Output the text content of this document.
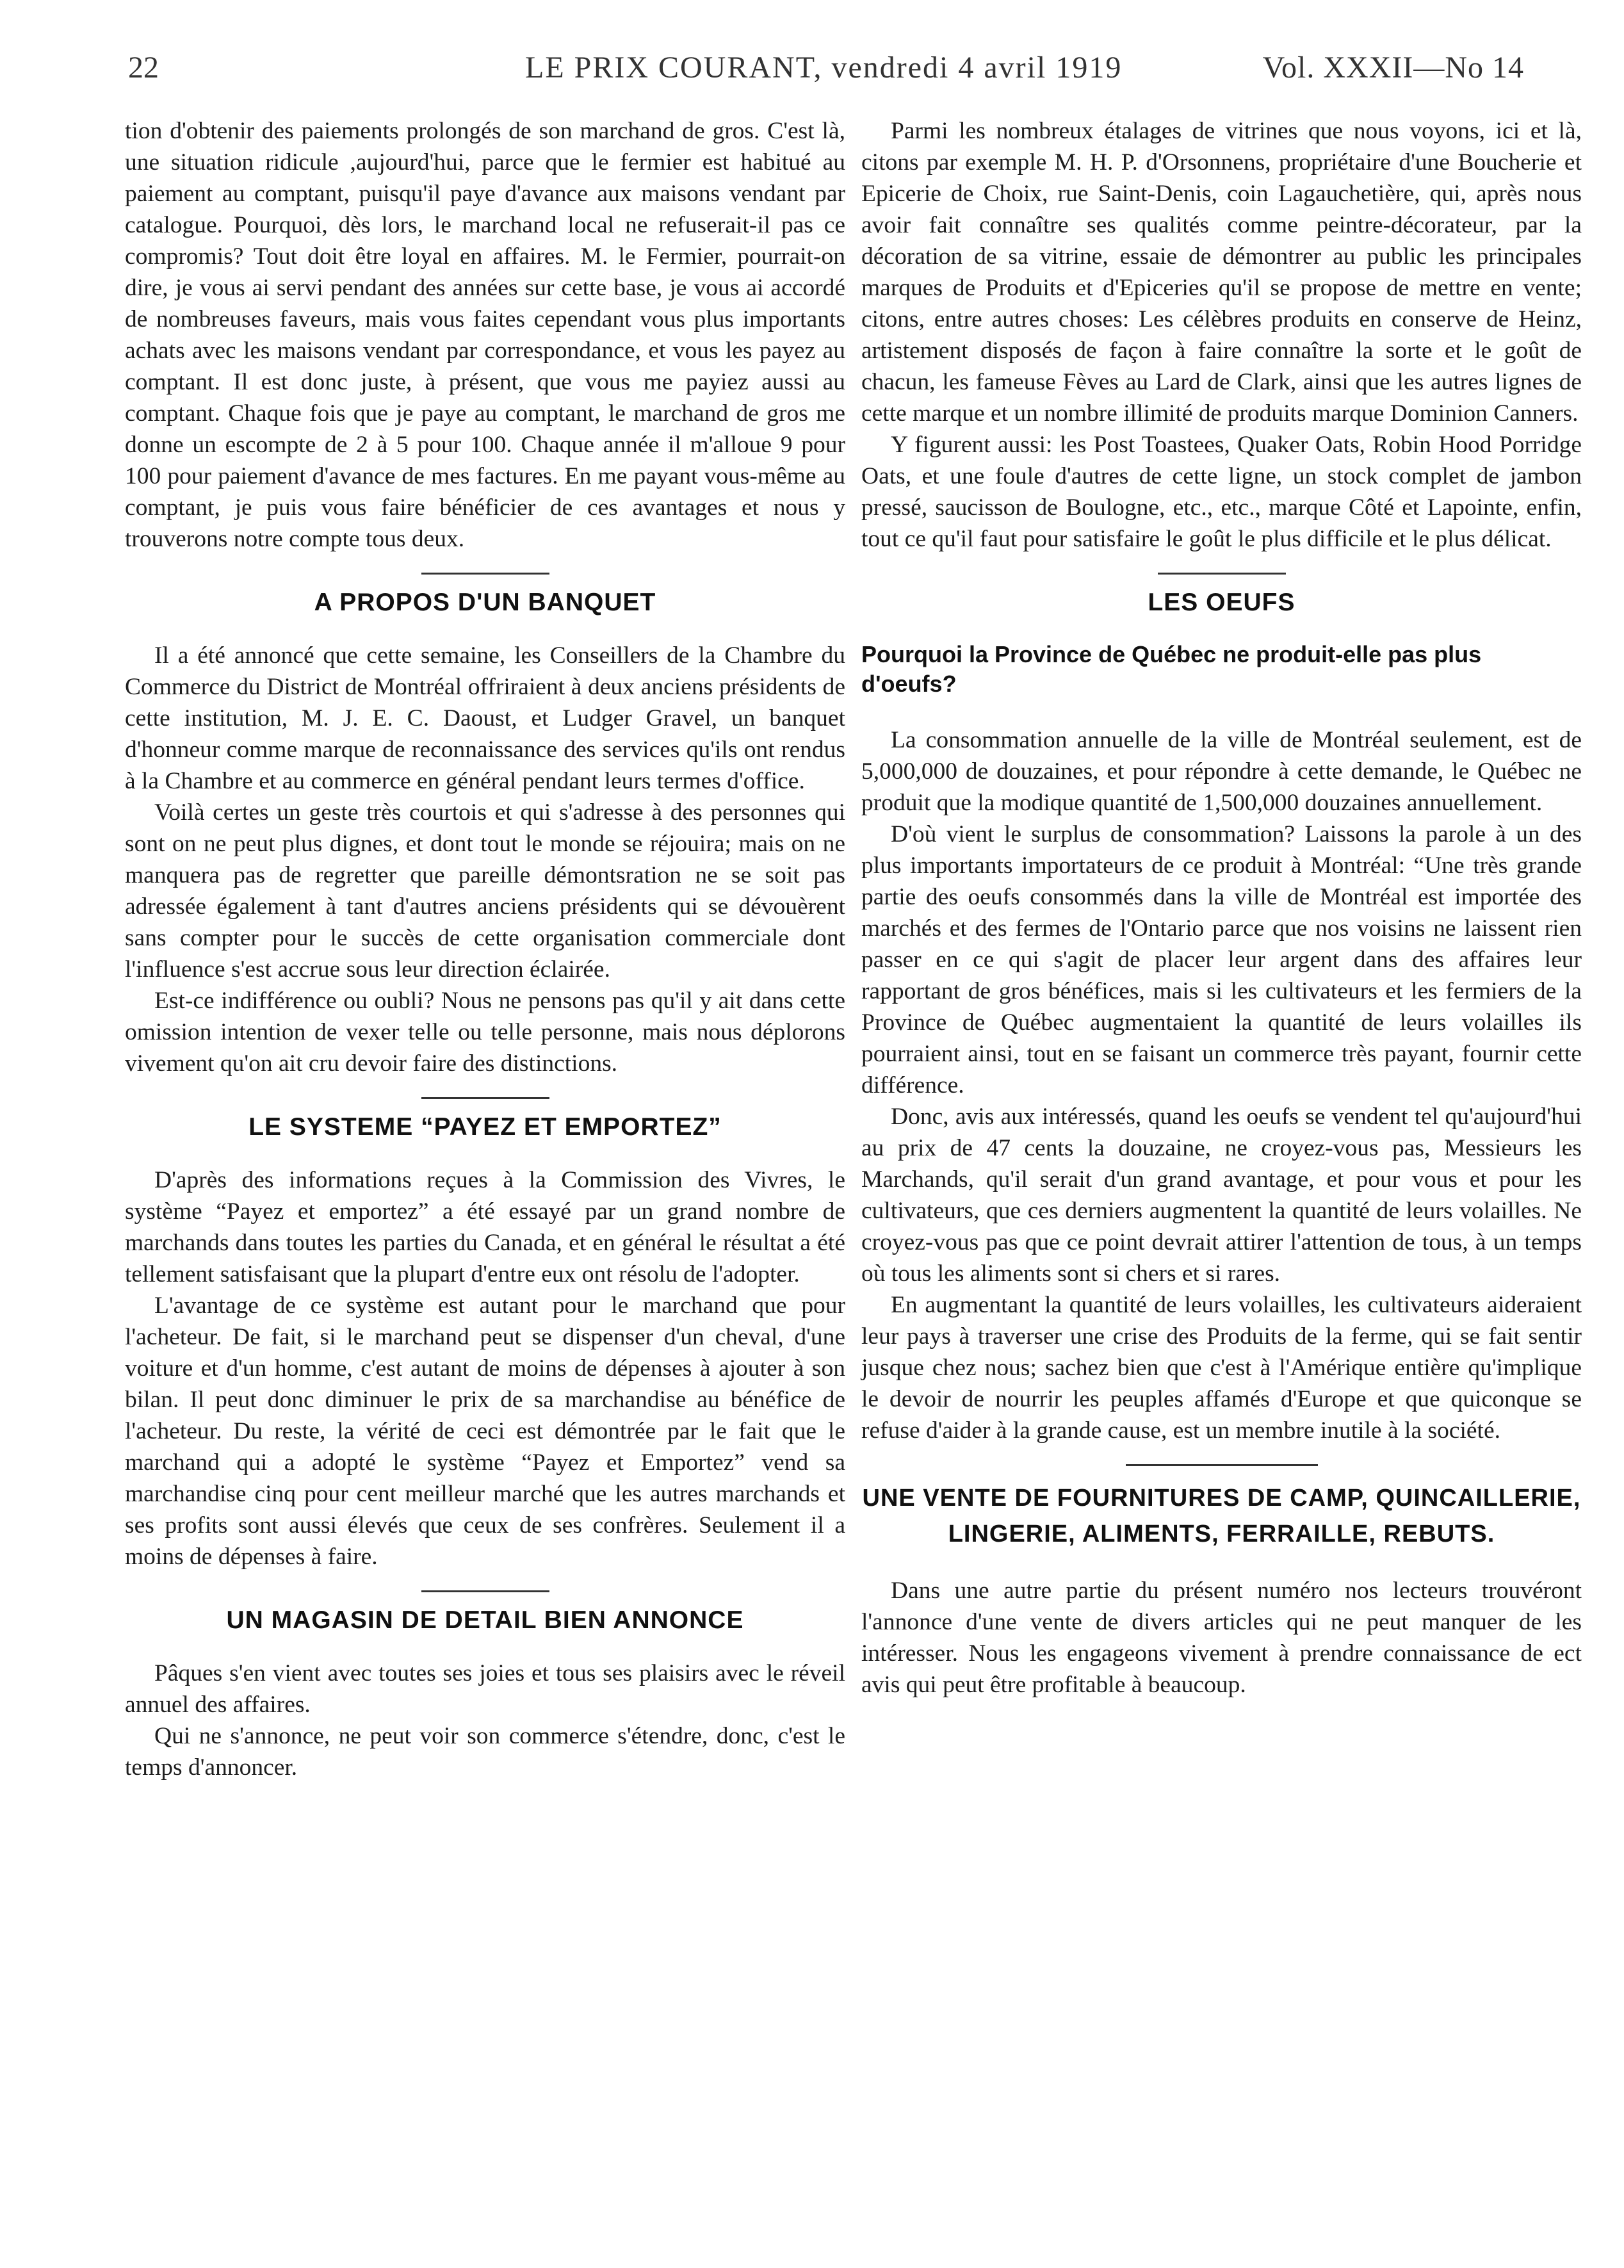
22	LE PRIX COURANT, vendredi 4 avril 1919	Vol. XXXII—No 14

tion d'obtenir des paiements prolongés de son marchand de gros. C'est là, une situation ridicule ,aujourd'hui, parce que le fermier est habitué au paiement au comptant, puisqu'il paye d'avance aux maisons vendant par catalogue. Pourquoi, dès lors, le marchand local ne refuserait-il pas ce compromis? Tout doit être loyal en affaires. M. le Fermier, pourrait-on dire, je vous ai servi pendant des années sur cette base, je vous ai accordé de nombreuses faveurs, mais vous faites cependant vous plus importants achats avec les maisons vendant par correspondance, et vous les payez au comptant. Il est donc juste, à présent, que vous me payiez aussi au comptant. Chaque fois que je paye au comptant, le marchand de gros me donne un escompte de 2 à 5 pour 100. Chaque année il m'alloue 9 pour 100 pour paiement d'avance de mes factures. En me payant vous-même au comptant, je puis vous faire bénéficier de ces avantages et nous y trouverons notre compte tous deux.

A PROPOS D'UN BANQUET

Il a été annoncé que cette semaine, les Conseillers de la Chambre du Commerce du District de Montréal offriraient à deux anciens présidents de cette institution, M. J. E. C. Daoust, et Ludger Gravel, un banquet d'honneur comme marque de reconnaissance des services qu'ils ont rendus à la Chambre et au commerce en général pendant leurs termes d'office.

Voilà certes un geste très courtois et qui s'adresse à des personnes qui sont on ne peut plus dignes, et dont tout le monde se réjouira; mais on ne manquera pas de regretter que pareille démontsration ne se soit pas adressée également à tant d'autres anciens présidents qui se dévouèrent sans compter pour le succès de cette organisation commerciale dont l'influence s'est accrue sous leur direction éclairée.

Est-ce indifférence ou oubli? Nous ne pensons pas qu'il y ait dans cette omission intention de vexer telle ou telle personne, mais nous déplorons vivement qu'on ait cru devoir faire des distinctions.

LE SYSTEME “PAYEZ ET EMPORTEZ”

D'après des informations reçues à la Commission des Vivres, le système “Payez et emportez” a été essayé par un grand nombre de marchands dans toutes les parties du Canada, et en général le résultat a été tellement satisfaisant que la plupart d'entre eux ont résolu de l'adopter.

L'avantage de ce système est autant pour le marchand que pour l'acheteur. De fait, si le marchand peut se dispenser d'un cheval, d'une voiture et d'un homme, c'est autant de moins de dépenses à ajouter à son bilan. Il peut donc diminuer le prix de sa marchandise au bénéfice de l'acheteur. Du reste, la vérité de ceci est démontrée par le fait que le marchand qui a adopté le système “Payez et Emportez” vend sa marchandise cinq pour cent meilleur marché que les autres marchands et ses profits sont aussi élevés que ceux de ses confrères. Seulement il a moins de dépenses à faire.

UN MAGASIN DE DETAIL BIEN ANNONCE

Pâques s'en vient avec toutes ses joies et tous ses plaisirs avec le réveil annuel des affaires.

Qui ne s'annonce, ne peut voir son commerce s'étendre, donc, c'est le temps d'annoncer.

Parmi les nombreux étalages de vitrines que nous voyons, ici et là, citons par exemple M. H. P. d'Orsonnens, propriétaire d'une Boucherie et Epicerie de Choix, rue Saint-Denis, coin Lagauchetière, qui, après nous avoir fait connaître ses qualités comme peintre-décorateur, par la décoration de sa vitrine, essaie de démontrer au public les principales marques de Produits et d'Epiceries qu'il se propose de mettre en vente; citons, entre autres choses: Les célèbres produits en conserve de Heinz, artistement disposés de façon à faire connaître la sorte et le goût de chacun, les fameuse Fèves au Lard de Clark, ainsi que les autres lignes de cette marque et un nombre illimité de produits marque Dominion Canners.

Y figurent aussi: les Post Toastees, Quaker Oats, Robin Hood Porridge Oats, et une foule d'autres de cette ligne, un stock complet de jambon pressé, saucisson de Boulogne, etc., etc., marque Côté et Lapointe, enfin, tout ce qu'il faut pour satisfaire le goût le plus difficile et le plus délicat.

LES OEUFS
Pourquoi la Province de Québec ne produit-elle pas plus d'oeufs?

La consommation annuelle de la ville de Montréal seulement, est de 5,000,000 de douzaines, et pour répondre à cette demande, le Québec ne produit que la modique quantité de 1,500,000 douzaines annuellement.

D'où vient le surplus de consommation? Laissons la parole à un des plus importants importateurs de ce produit à Montréal: “Une très grande partie des oeufs consommés dans la ville de Montréal est importée des marchés et des fermes de l'Ontario parce que nos voisins ne laissent rien passer en ce qui s'agit de placer leur argent dans des affaires leur rapportant de gros bénéfices, mais si les cultivateurs et les fermiers de la Province de Québec augmentaient la quantité de leurs volailles ils pourraient ainsi, tout en se faisant un commerce très payant, fournir cette différence.

Donc, avis aux intéressés, quand les oeufs se vendent tel qu'aujourd'hui au prix de 47 cents la douzaine, ne croyez-vous pas, Messieurs les Marchands, qu'il serait d'un grand avantage, et pour vous et pour les cultivateurs, que ces derniers augmentent la quantité de leurs volailles. Ne croyez-vous pas que ce point devrait attirer l'attention de tous, à un temps où tous les aliments sont si chers et si rares.

En augmentant la quantité de leurs volailles, les cultivateurs aideraient leur pays à traverser une crise des Produits de la ferme, qui se fait sentir jusque chez nous; sachez bien que c'est à l'Amérique entière qu'implique le devoir de nourrir les peuples affamés d'Europe et que quiconque se refuse d'aider à la grande cause, est un membre inutile à la société.

UNE VENTE DE FOURNITURES DE CAMP, QUINCAILLERIE, LINGERIE, ALIMENTS, FERRAILLE, REBUTS.

Dans une autre partie du présent numéro nos lecteurs trouvéront l'annonce d'une vente de divers articles qui ne peut manquer de les intéresser. Nous les engageons vivement à prendre connaissance de ect avis qui peut être profitable à beaucoup.
